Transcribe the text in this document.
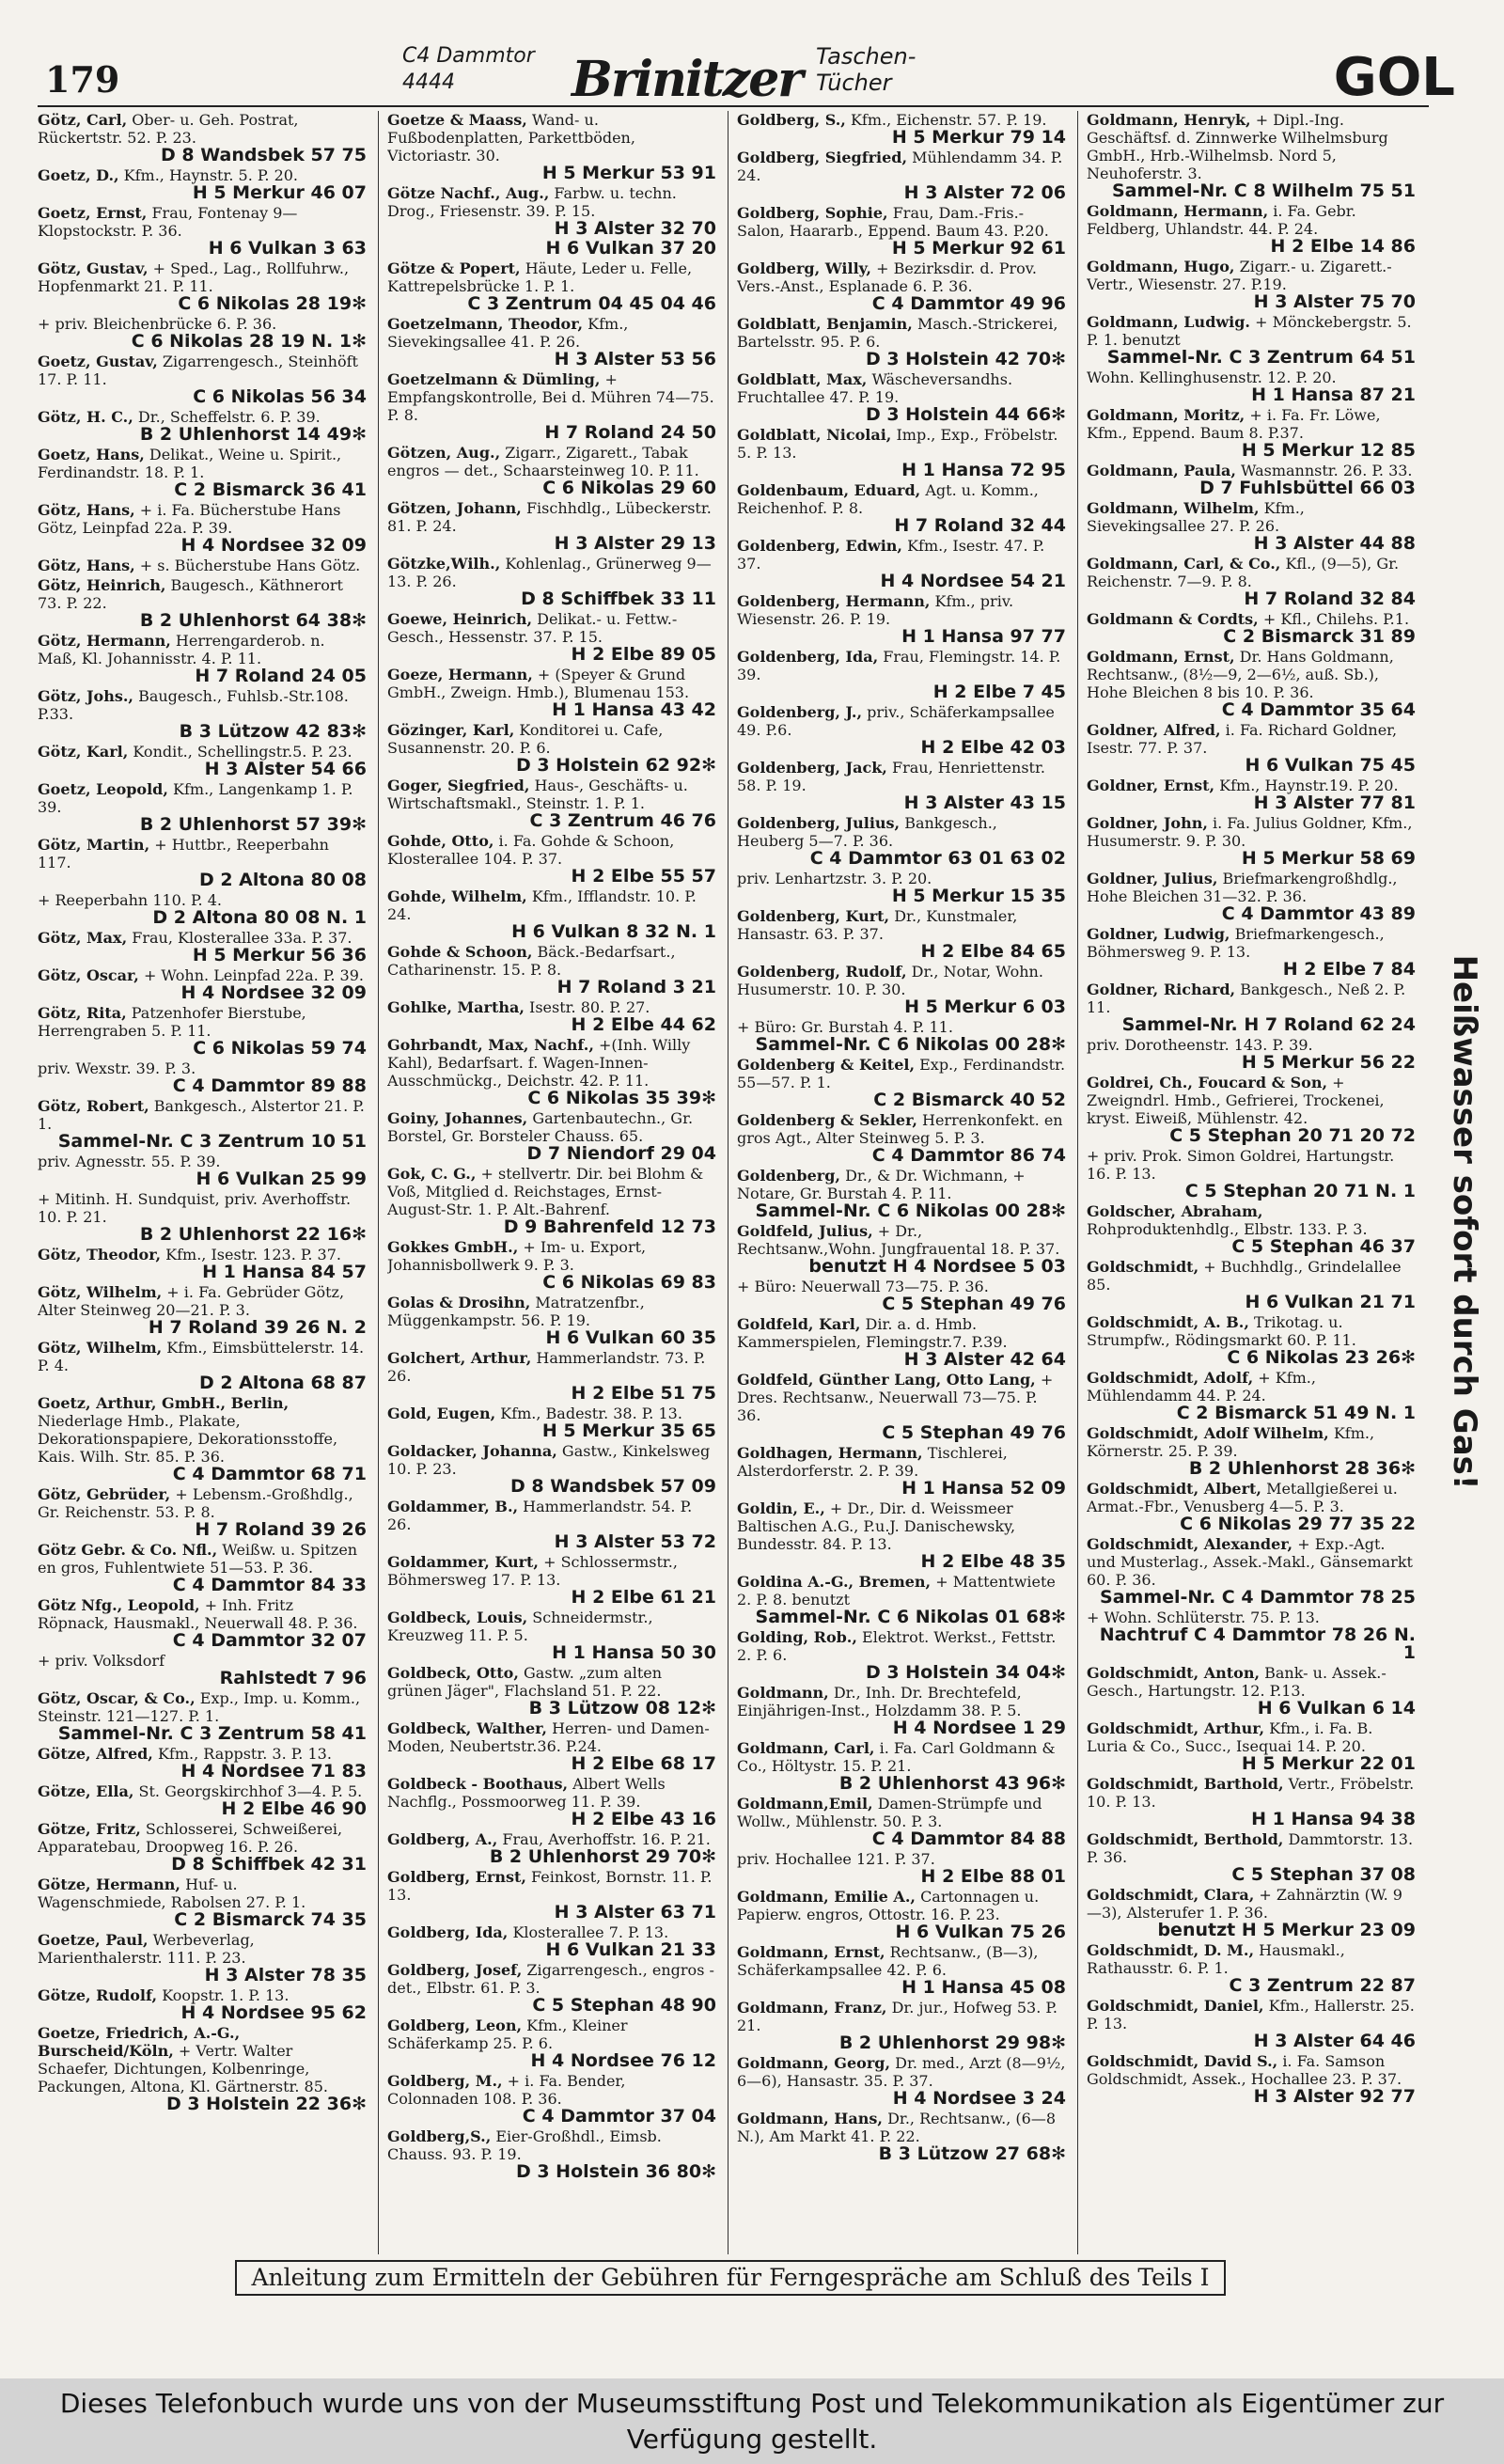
179
C4 Dammtor
4444	Brinitzer Taschen-
Tücher	GOL
Götz, Carl, Ober- u. Geh. Postrat, Rückertstr. 52. P. 23.
D 8 Wandsbek 57 75
Goetz, D., Kfm., Haynstr. 5. P. 20.
H 5 Merkur 46 07
Goetz, Ernst, Frau, Fontenay 9— Klopstockstr. P. 36.
H 6 Vulkan 3 63
Götz, Gustav, + Sped., Lag., Rollfuhrw., Hopfenmarkt 21. P. 11.
C 6 Nikolas 28 19✻
+ priv. Bleichenbrücke 6. P. 36.
C 6 Nikolas 28 19 N. 1✻
Goetz, Gustav, Zigarrengesch., Steinhöft 17. P. 11.
C 6 Nikolas 56 34
Götz, H. C., Dr., Scheffelstr. 6. P. 39.
B 2 Uhlenhorst 14 49✻
Goetz, Hans, Delikat., Weine u. Spirit., Ferdinandstr. 18. P. 1.
C 2 Bismarck 36 41
Götz, Hans, + i. Fa. Bücherstube Hans Götz, Leinpfad 22a. P. 39.
H 4 Nordsee 32 09
Götz, Hans, + s. Bücherstube Hans Götz.
Götz, Heinrich, Baugesch., Käthnerort 73. P. 22.
B 2 Uhlenhorst 64 38✻
Götz, Hermann, Herrengarderob. n. Maß, Kl. Johannisstr. 4. P. 11.
H 7 Roland 24 05
Götz, Johs., Baugesch., Fuhlsb.-Str.108. P.33.
B 3 Lützow 42 83✻
Götz, Karl, Kondit., Schellingstr.5. P. 23.
H 3 Alster 54 66
Goetz, Leopold, Kfm., Langenkamp 1. P. 39.
B 2 Uhlenhorst 57 39✻
Götz, Martin, + Huttbr., Reeperbahn 117.
D 2 Altona 80 08
+ Reeperbahn 110. P. 4.
D 2 Altona 80 08 N. 1
Götz, Max, Frau, Klosterallee 33a. P. 37.
H 5 Merkur 56 36
Götz, Oscar, + Wohn. Leinpfad 22a. P. 39.
H 4 Nordsee 32 09
Götz, Rita, Patzenhofer Bierstube, Herrengraben 5. P. 11.
C 6 Nikolas 59 74
priv. Wexstr. 39. P. 3.
C 4 Dammtor 89 88
Götz, Robert, Bankgesch., Alstertor 21. P. 1.
Sammel-Nr. C 3 Zentrum 10 51
priv. Agnesstr. 55. P. 39.
H 6 Vulkan 25 99
+ Mitinh. H. Sundquist, priv. Averhoffstr. 10. P. 21.
B 2 Uhlenhorst 22 16✻
Götz, Theodor, Kfm., Isestr. 123. P. 37.
H 1 Hansa 84 57
Götz, Wilhelm, + i. Fa. Gebrüder Götz, Alter Steinweg 20—21. P. 3.
H 7 Roland 39 26 N. 2
Götz, Wilhelm, Kfm., Eimsbüttelerstr. 14. P. 4.
D 2 Altona 68 87
Goetz, Arthur, GmbH., Berlin, Niederlage Hmb., Plakate, Dekorationspapiere, Dekorationsstoffe, Kais. Wilh. Str. 85. P. 36.
C 4 Dammtor 68 71
Götz, Gebrüder, + Lebensm.-Großhdlg., Gr. Reichenstr. 53. P. 8.
H 7 Roland 39 26
Götz Gebr. & Co. Nfl., Weißw. u. Spitzen en gros, Fuhlentwiete 51—53. P. 36.
C 4 Dammtor 84 33
Götz Nfg., Leopold, + Inh. Fritz Röpnack, Hausmakl., Neuerwall 48. P. 36.
C 4 Dammtor 32 07
+ priv. Volksdorf
Rahlstedt 7 96
Götz, Oscar, & Co., Exp., Imp. u. Komm., Steinstr. 121—127. P. 1.
Sammel-Nr. C 3 Zentrum 58 41
Götze, Alfred, Kfm., Rappstr. 3. P. 13.
H 4 Nordsee 71 83
Götze, Ella, St. Georgskirchhof 3—4. P. 5.
H 2 Elbe 46 90
Götze, Fritz, Schlosserei, Schweißerei, Apparatebau, Droopweg 16. P. 26.
D 8 Schiffbek 42 31
Götze, Hermann, Huf- u. Wagenschmiede, Rabolsen 27. P. 1.
C 2 Bismarck 74 35
Goetze, Paul, Werbeverlag, Marienthalerstr. 111. P. 23.
H 3 Alster 78 35
Götze, Rudolf, Koopstr. 1. P. 13.
H 4 Nordsee 95 62
Goetze, Friedrich, A.-G., Burscheid/Köln, + Vertr. Walter Schaefer, Dichtungen, Kolbenringe, Packungen, Altona, Kl. Gärtnerstr. 85.
D 3 Holstein 22 36✻
Goetze & Maass, Wand- u. Fußbodenplatten, Parkettböden, Victoriastr. 30.
H 5 Merkur 53 91
Götze Nachf., Aug., Farbw. u. techn. Drog., Friesenstr. 39. P. 15.
H 3 Alster 32 70
H 6 Vulkan 37 20
Götze & Popert, Häute, Leder u. Felle, Kattrepelsbrücke 1. P. 1.
C 3 Zentrum 04 45 04 46
Goetzelmann, Theodor, Kfm., Sievekingsallee 41. P. 26.
H 3 Alster 53 56
Goetzelmann & Dümling, + Empfangskontrolle, Bei d. Mühren 74—75. P. 8.
H 7 Roland 24 50
Götzen, Aug., Zigarr., Zigarett., Tabak engros — det., Schaarsteinweg 10. P. 11.
C 6 Nikolas 29 60
Götzen, Johann, Fischhdlg., Lübeckerstr. 81. P. 24.
H 3 Alster 29 13
Götzke,Wilh., Kohlenlag., Grünerweg 9—13. P. 26.
D 8 Schiffbek 33 11
Goewe, Heinrich, Delikat.- u. Fettw.-Gesch., Hessenstr. 37. P. 15.
H 2 Elbe 89 05
Goeze, Hermann, + (Speyer & Grund GmbH., Zweign. Hmb.), Blumenau 153.
H 1 Hansa 43 42
Gözinger, Karl, Konditorei u. Cafe, Susannenstr. 20. P. 6.
D 3 Holstein 62 92✻
Goger, Siegfried, Haus-, Geschäfts- u. Wirtschaftsmakl., Steinstr. 1. P. 1.
C 3 Zentrum 46 76
Gohde, Otto, i. Fa. Gohde & Schoon, Klosterallee 104. P. 37.
H 2 Elbe 55 57
Gohde, Wilhelm, Kfm., Ifflandstr. 10. P. 24.
H 6 Vulkan 8 32 N. 1
Gohde & Schoon, Bäck.-Bedarfsart., Catharinenstr. 15. P. 8.
H 7 Roland 3 21
Gohlke, Martha, Isestr. 80. P. 27.
H 2 Elbe 44 62
Gohrbandt, Max, Nachf., +(Inh. Willy Kahl), Bedarfsart. f. Wagen-Innen-Ausschmückg., Deichstr. 42. P. 11.
C 6 Nikolas 35 39✻
Goiny, Johannes, Gartenbautechn., Gr. Borstel, Gr. Borsteler Chauss. 65.
D 7 Niendorf 29 04
Gok, C. G., + stellvertr. Dir. bei Blohm & Voß, Mitglied d. Reichstages, Ernst-August-Str. 1. P. Alt.-Bahrenf.
D 9 Bahrenfeld 12 73
Gokkes GmbH., + Im- u. Export, Johannisbollwerk 9. P. 3.
C 6 Nikolas 69 83
Golas & Drosihn, Matratzenfbr., Müggenkampstr. 56. P. 19.
H 6 Vulkan 60 35
Golchert, Arthur, Hammerlandstr. 73. P. 26.
H 2 Elbe 51 75
Gold, Eugen, Kfm., Badestr. 38. P. 13.
H 5 Merkur 35 65
Goldacker, Johanna, Gastw., Kinkelsweg 10. P. 23.
D 8 Wandsbek 57 09
Goldammer, B., Hammerlandstr. 54. P. 26.
H 3 Alster 53 72
Goldammer, Kurt, + Schlossermstr., Böhmersweg 17. P. 13.
H 2 Elbe 61 21
Goldbeck, Louis, Schneidermstr., Kreuzweg 11. P. 5.
H 1 Hansa 50 30
Goldbeck, Otto, Gastw. „zum alten grünen Jäger", Flachsland 51. P. 22.
B 3 Lützow 08 12✻
Goldbeck, Walther, Herren- und Damen-Moden, Neubertstr.36. P.24.
H 2 Elbe 68 17
Goldbeck - Boothaus, Albert Wells Nachflg., Possmoorweg 11. P. 39.
H 2 Elbe 43 16
Goldberg, A., Frau, Averhoffstr. 16. P. 21.
B 2 Uhlenhorst 29 70✻
Goldberg, Ernst, Feinkost, Bornstr. 11. P. 13.
H 3 Alster 63 71
Goldberg, Ida, Klosterallee 7. P. 13.
H 6 Vulkan 21 33
Goldberg, Josef, Zigarrengesch., engros - det., Elbstr. 61. P. 3.
C 5 Stephan 48 90
Goldberg, Leon, Kfm., Kleiner Schäferkamp 25. P. 6.
H 4 Nordsee 76 12
Goldberg, M., + i. Fa. Bender, Colonnaden 108. P. 36.
C 4 Dammtor 37 04
Goldberg,S., Eier-Großhdl., Eimsb. Chauss. 93. P. 19.
D 3 Holstein 36 80✻
Goldberg, S., Kfm., Eichenstr. 57. P. 19.
H 5 Merkur 79 14
Goldberg, Siegfried, Mühlendamm 34. P. 24.
H 3 Alster 72 06
Goldberg, Sophie, Frau, Dam.-Fris.-Salon, Haararb., Eppend. Baum 43. P.20.
H 5 Merkur 92 61
Goldberg, Willy, + Bezirksdir. d. Prov. Vers.-Anst., Esplanade 6. P. 36.
C 4 Dammtor 49 96
Goldblatt, Benjamin, Masch.-Strickerei, Bartelsstr. 95. P. 6.
D 3 Holstein 42 70✻
Goldblatt, Max, Wäscheversandhs. Fruchtallee 47. P. 19.
D 3 Holstein 44 66✻
Goldblatt, Nicolai, Imp., Exp., Fröbelstr. 5. P. 13.
H 1 Hansa 72 95
Goldenbaum, Eduard, Agt. u. Komm., Reichenhof. P. 8.
H 7 Roland 32 44
Goldenberg, Edwin, Kfm., Isestr. 47. P. 37.
H 4 Nordsee 54 21
Goldenberg, Hermann, Kfm., priv. Wiesenstr. 26. P. 19.
H 1 Hansa 97 77
Goldenberg, Ida, Frau, Flemingstr. 14. P. 39.
H 2 Elbe 7 45
Goldenberg, J., priv., Schäferkampsallee 49. P.6.
H 2 Elbe 42 03
Goldenberg, Jack, Frau, Henriettenstr. 58. P. 19.
H 3 Alster 43 15
Goldenberg, Julius, Bankgesch., Heuberg 5—7. P. 36.
C 4 Dammtor 63 01 63 02
priv. Lenhartzstr. 3. P. 20.
H 5 Merkur 15 35
Goldenberg, Kurt, Dr., Kunstmaler, Hansastr. 63. P. 37.
H 2 Elbe 84 65
Goldenberg, Rudolf, Dr., Notar, Wohn. Husumerstr. 10. P. 30.
H 5 Merkur 6 03
+ Büro: Gr. Burstah 4. P. 11.
Sammel-Nr. C 6 Nikolas 00 28✻
Goldenberg & Keitel, Exp., Ferdinandstr. 55—57. P. 1.
C 2 Bismarck 40 52
Goldenberg & Sekler, Herrenkonfekt. en gros Agt., Alter Steinweg 5. P. 3.
C 4 Dammtor 86 74
Goldenberg, Dr., & Dr. Wichmann, + Notare, Gr. Burstah 4. P. 11.
Sammel-Nr. C 6 Nikolas 00 28✻
Goldfeld, Julius, + Dr., Rechtsanw.,Wohn. Jungfrauental 18. P. 37.
benutzt H 4 Nordsee 5 03
+ Büro: Neuerwall 73—75. P. 36.
C 5 Stephan 49 76
Goldfeld, Karl, Dir. a. d. Hmb. Kammerspielen, Flemingstr.7. P.39.
H 3 Alster 42 64
Goldfeld, Günther Lang, Otto Lang, + Dres. Rechtsanw., Neuerwall 73—75. P. 36.
C 5 Stephan 49 76
Goldhagen, Hermann, Tischlerei, Alsterdorferstr. 2. P. 39.
H 1 Hansa 52 09
Goldin, E., + Dr., Dir. d. Weissmeer Baltischen A.G., P.u.J. Danischewsky, Bundesstr. 84. P. 13.
H 2 Elbe 48 35
Goldina A.-G., Bremen, + Mattentwiete 2. P. 8. benutzt
Sammel-Nr. C 6 Nikolas 01 68✻
Golding, Rob., Elektrot. Werkst., Fettstr. 2. P. 6.
D 3 Holstein 34 04✻
Goldmann, Dr., Inh. Dr. Brechtefeld, Einjährigen-Inst., Holzdamm 38. P. 5.
H 4 Nordsee 1 29
Goldmann, Carl, i. Fa. Carl Goldmann & Co., Höltystr. 15. P. 21.
B 2 Uhlenhorst 43 96✻
Goldmann,Emil, Damen-Strümpfe und Wollw., Mühlenstr. 50. P. 3.
C 4 Dammtor 84 88
priv. Hochallee 121. P. 37.
H 2 Elbe 88 01
Goldmann, Emilie A., Cartonnagen u. Papierw. engros, Ottostr. 16. P. 23.
H 6 Vulkan 75 26
Goldmann, Ernst, Rechtsanw., (B—3), Schäferkampsallee 42. P. 6.
H 1 Hansa 45 08
Goldmann, Franz, Dr. jur., Hofweg 53. P. 21.
B 2 Uhlenhorst 29 98✻
Goldmann, Georg, Dr. med., Arzt (8—9½, 6—6), Hansastr. 35. P. 37.
H 4 Nordsee 3 24
Goldmann, Hans, Dr., Rechtsanw., (6—8 N.), Am Markt 41. P. 22.
B 3 Lützow 27 68✻
Goldmann, Henryk, + Dipl.-Ing. Geschäftsf. d. Zinnwerke Wilhelmsburg GmbH., Hrb.-Wilhelmsb. Nord 5, Neuhoferstr. 3.
Sammel-Nr. C 8 Wilhelm 75 51
Goldmann, Hermann, i. Fa. Gebr. Feldberg, Uhlandstr. 44. P. 24.
H 2 Elbe 14 86
Goldmann, Hugo, Zigarr.- u. Zigarett.-Vertr., Wiesenstr. 27. P.19.
H 3 Alster 75 70
Goldmann, Ludwig. + Mönckebergstr. 5. P. 1. benutzt
Sammel-Nr. C 3 Zentrum 64 51
Wohn. Kellinghusenstr. 12. P. 20.
H 1 Hansa 87 21
Goldmann, Moritz, + i. Fa. Fr. Löwe, Kfm., Eppend. Baum 8. P.37.
H 5 Merkur 12 85
Goldmann, Paula, Wasmannstr. 26. P. 33.
D 7 Fuhlsbüttel 66 03
Goldmann, Wilhelm, Kfm., Sievekingsallee 27. P. 26.
H 3 Alster 44 88
Goldmann, Carl, & Co., Kfl., (9—5), Gr. Reichenstr. 7—9. P. 8.
H 7 Roland 32 84
Goldmann & Cordts, + Kfl., Chilehs. P.1.
C 2 Bismarck 31 89
Goldmann, Ernst, Dr. Hans Goldmann, Rechtsanw., (8½—9, 2—6½, auß. Sb.), Hohe Bleichen 8 bis 10. P. 36.
C 4 Dammtor 35 64
Goldner, Alfred, i. Fa. Richard Goldner, Isestr. 77. P. 37.
H 6 Vulkan 75 45
Goldner, Ernst, Kfm., Haynstr.19. P. 20.
H 3 Alster 77 81
Goldner, John, i. Fa. Julius Goldner, Kfm., Husumerstr. 9. P. 30.
H 5 Merkur 58 69
Goldner, Julius, Briefmarkengroßhdlg., Hohe Bleichen 31—32. P. 36.
C 4 Dammtor 43 89
Goldner, Ludwig, Briefmarkengesch., Böhmersweg 9. P. 13.
H 2 Elbe 7 84
Goldner, Richard, Bankgesch., Neß 2. P. 11.
Sammel-Nr. H 7 Roland 62 24
priv. Dorotheenstr. 143. P. 39.
H 5 Merkur 56 22
Goldrei, Ch., Foucard & Son, + Zweigndrl. Hmb., Gefrierei, Trockenei, kryst. Eiweiß, Mühlenstr. 42.
C 5 Stephan 20 71 20 72
+ priv. Prok. Simon Goldrei, Hartungstr. 16. P. 13.
C 5 Stephan 20 71 N. 1
Goldscher, Abraham, Rohproduktenhdlg., Elbstr. 133. P. 3.
C 5 Stephan 46 37
Goldschmidt, + Buchhdlg., Grindelallee 85.
H 6 Vulkan 21 71
Goldschmidt, A. B., Trikotag. u. Strumpfw., Rödingsmarkt 60. P. 11.
C 6 Nikolas 23 26✻
Goldschmidt, Adolf, + Kfm., Mühlendamm 44. P. 24.
C 2 Bismarck 51 49 N. 1
Goldschmidt, Adolf Wilhelm, Kfm., Körnerstr. 25. P. 39.
B 2 Uhlenhorst 28 36✻
Goldschmidt, Albert, Metallgießerei u. Armat.-Fbr., Venusberg 4—5. P. 3.
C 6 Nikolas 29 77 35 22
Goldschmidt, Alexander, + Exp.-Agt. und Musterlag., Assek.-Makl., Gänsemarkt 60. P. 36.
Sammel-Nr. C 4 Dammtor 78 25
+ Wohn. Schlüterstr. 75. P. 13.
Nachtruf C 4 Dammtor 78 26 N. 1
Goldschmidt, Anton, Bank- u. Assek.-Gesch., Hartungstr. 12. P.13.
H 6 Vulkan 6 14
Goldschmidt, Arthur, Kfm., i. Fa. B. Luria & Co., Succ., Isequai 14. P. 20.
H 5 Merkur 22 01
Goldschmidt, Barthold, Vertr., Fröbelstr. 10. P. 13.
H 1 Hansa 94 38
Goldschmidt, Berthold, Dammtorstr. 13. P. 36.
C 5 Stephan 37 08
Goldschmidt, Clara, + Zahnärztin (W. 9—3), Alsterufer 1. P. 36.
benutzt H 5 Merkur 23 09
Goldschmidt, D. M., Hausmakl., Rathausstr. 6. P. 1.
C 3 Zentrum 22 87
Goldschmidt, Daniel, Kfm., Hallerstr. 25. P. 13.
H 3 Alster 64 46
Goldschmidt, David S., i. Fa. Samson Goldschmidt, Assek., Hochallee 23. P. 37.
H 3 Alster 92 77
Heißwasser sofort durch Gas!
Anleitung zum Ermitteln der Gebühren für Ferngespräche am Schluß des Teils I
Dieses Telefonbuch wurde uns von der Museumsstiftung Post und Telekommunikation als Eigentümer zur Verfügung gestellt.
